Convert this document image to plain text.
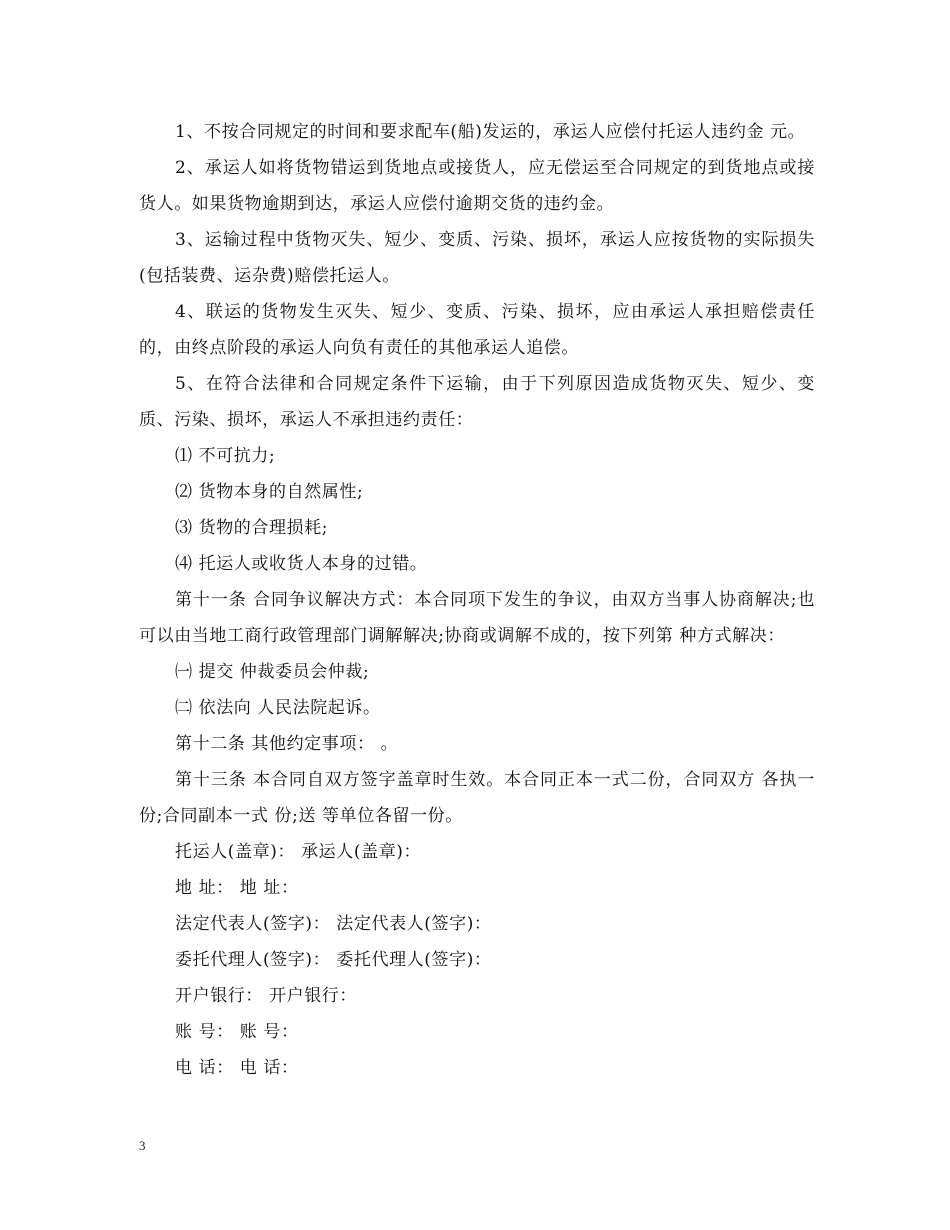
1、不按合同规定的时间和要求配车(船)发运的，承运人应偿付托运人违约金 元。

2、承运人如将货物错运到货地点或接货人，应无偿运至合同规定的到货地点或接货人。如果货物逾期到达，承运人应偿付逾期交货的违约金。

3、运输过程中货物灭失、短少、变质、污染、损坏，承运人应按货物的实际损失(包括装费、运杂费)赔偿托运人。

4、联运的货物发生灭失、短少、变质、污染、损坏，应由承运人承担赔偿责任的，由终点阶段的承运人向负有责任的其他承运人追偿。

5、在符合法律和合同规定条件下运输，由于下列原因造成货物灭失、短少、变质、污染、损坏，承运人不承担违约责任：

⑴ 不可抗力;

⑵ 货物本身的自然属性;

⑶ 货物的合理损耗;

⑷ 托运人或收货人本身的过错。

第十一条 合同争议解决方式：本合同项下发生的争议，由双方当事人协商解决;也可以由当地工商行政管理部门调解解决;协商或调解不成的，按下列第 种方式解决：

㈠ 提交 仲裁委员会仲裁;

㈡ 依法向 人民法院起诉。

第十二条 其他约定事项： 。

第十三条 本合同自双方签字盖章时生效。本合同正本一式二份，合同双方 各执一份;合同副本一式 份;送 等单位各留一份。

托运人(盖章)： 承运人(盖章)：

地 址： 地 址：

法定代表人(签字)： 法定代表人(签字)：

委托代理人(签字)： 委托代理人(签字)：

开户银行： 开户银行：

账 号： 账 号：

电 话： 电 话：

3
